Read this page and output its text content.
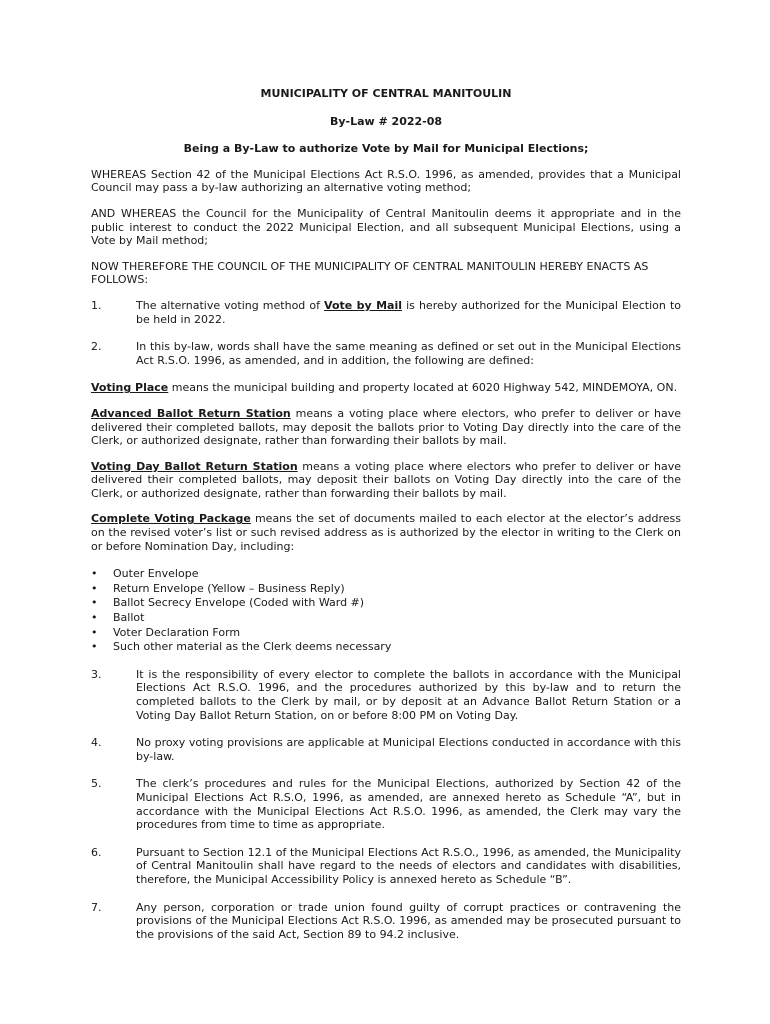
MUNICIPALITY OF CENTRAL MANITOULIN
By-Law # 2022-08
Being a By-Law to authorize Vote by Mail for Municipal Elections;

WHEREAS Section 42 of the Municipal Elections Act R.S.O. 1996, as amended, provides that a Municipal Council may pass a by-law authorizing an alternative voting method;

AND WHEREAS the Council for the Municipality of Central Manitoulin deems it appropriate and in the public interest to conduct the 2022 Municipal Election, and all subsequent Municipal Elections, using a Vote by Mail method;

NOW THEREFORE THE COUNCIL OF THE MUNICIPALITY OF CENTRAL MANITOULIN HEREBY ENACTS AS FOLLOWS:

1.	The alternative voting method of Vote by Mail is hereby authorized for the Municipal Election to be held in 2022.
2.	In this by-law, words shall have the same meaning as defined or set out in the Municipal Elections Act R.S.O. 1996, as amended, and in addition, the following are defined:

Voting Place means the municipal building and property located at 6020 Highway 542, MINDEMOYA, ON.

Advanced Ballot Return Station means a voting place where electors, who prefer to deliver or have delivered their completed ballots, may deposit the ballots prior to Voting Day directly into the care of the Clerk, or authorized designate, rather than forwarding their ballots by mail.

Voting Day Ballot Return Station means a voting place where electors who prefer to deliver or have delivered their completed ballots, may deposit their ballots on Voting Day directly into the care of the Clerk, or authorized designate, rather than forwarding their ballots by mail.

Complete Voting Package means the set of documents mailed to each elector at the elector’s address on the revised voter’s list or such revised address as is authorized by the elector in writing to the Clerk on or before Nomination Day, including:

•	Outer Envelope
•	Return Envelope (Yellow – Business Reply)
•	Ballot Secrecy Envelope (Coded with Ward #)
•	Ballot
•	Voter Declaration Form
•	Such other material as the Clerk deems necessary
3.	It is the responsibility of every elector to complete the ballots in accordance with the Municipal Elections Act R.S.O. 1996, and the procedures authorized by this by-law and to return the completed ballots to the Clerk by mail, or by deposit at an Advance Ballot Return Station or a Voting Day Ballot Return Station, on or before 8:00 PM on Voting Day.
4.	No proxy voting provisions are applicable at Municipal Elections conducted in accordance with this by-law.
5.	The clerk’s procedures and rules for the Municipal Elections, authorized by Section 42 of the Municipal Elections Act R.S.O, 1996, as amended, are annexed hereto as Schedule “A”, but in accordance with the Municipal Elections Act R.S.O. 1996, as amended, the Clerk may vary the procedures from time to time as appropriate.
6.	Pursuant to Section 12.1 of the Municipal Elections Act R.S.O., 1996, as amended, the Municipality of Central Manitoulin shall have regard to the needs of electors and candidates with disabilities, therefore, the Municipal Accessibility Policy is annexed hereto as Schedule “B”.
7.	Any person, corporation or trade union found guilty of corrupt practices or contravening the provisions of the Municipal Elections Act R.S.O. 1996, as amended may be prosecuted pursuant to the provisions of the said Act, Section 89 to 94.2 inclusive.
